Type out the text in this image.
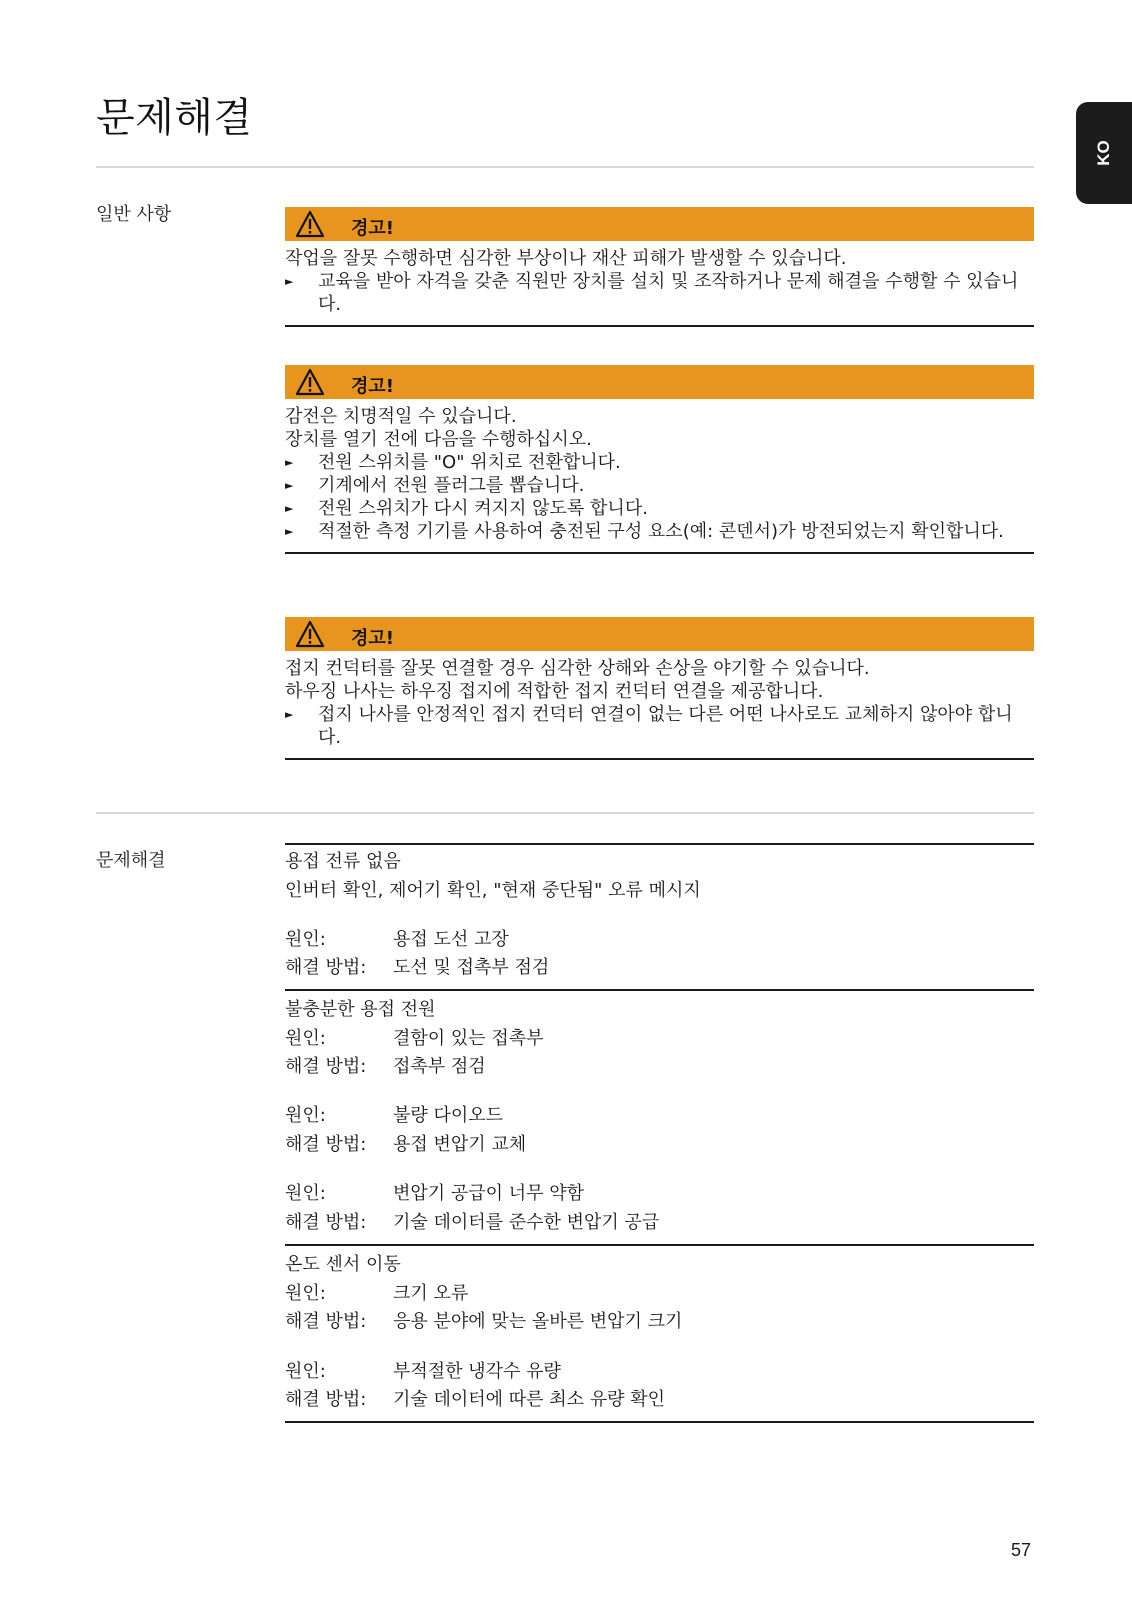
문제해결
KO
일반 사항
경고!

작업을 잘못 수행하면 심각한 부상이나 재산 피해가 발생할 수 있습니다.

► 교육을 받아 자격을 갖춘 직원만 장치를 설치 및 조작하거나 문제 해결을 수행할 수 있습니다.

경고!

감전은 치명적일 수 있습니다.

장치를 열기 전에 다음을 수행하십시오.

► 전원 스위치를 "O" 위치로 전환합니다.

► 기계에서 전원 플러그를 뽑습니다.

► 전원 스위치가 다시 켜지지 않도록 합니다.

► 적절한 측정 기기를 사용하여 충전된 구성 요소(예: 콘덴서)가 방전되었는지 확인합니다.

경고!

접지 컨덕터를 잘못 연결할 경우 심각한 상해와 손상을 야기할 수 있습니다.

하우징 나사는 하우징 접지에 적합한 접지 컨덕터 연결을 제공합니다.

► 접지 나사를 안정적인 접지 컨덕터 연결이 없는 다른 어떤 나사로도 교체하지 않아야 합니다.

문제해결	용접 전류 없음
인버터 확인, 제어기 확인, "현재 중단됨" 오류 메시지
원인:	용접 도선 고장
해결 방법: 도선 및 접촉부 점검
불충분한 용접 전원
원인:	결함이 있는 접촉부
해결 방법: 접촉부 점검
원인:	불량 다이오드
해결 방법: 용접 변압기 교체
원인:	변압기 공급이 너무 약함
해결 방법: 기술 데이터를 준수한 변압기 공급
온도 센서 이동
원인:	크기 오류
해결 방법: 응용 분야에 맞는 올바른 변압기 크기
원인:	부적절한 냉각수 유량
해결 방법: 기술 데이터에 따른 최소 유량 확인
57
